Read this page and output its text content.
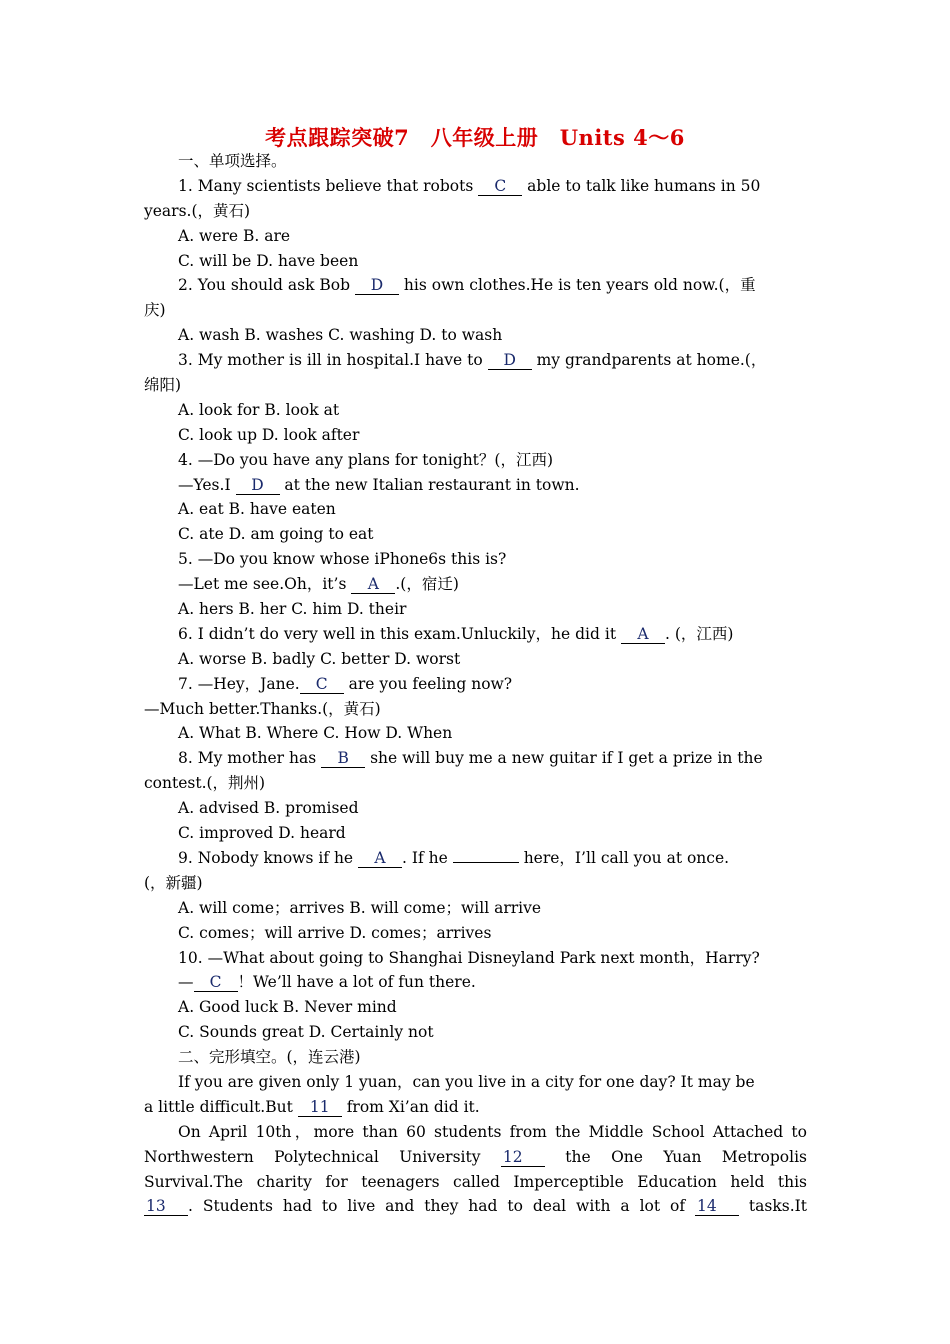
考点跟踪突破7　八年级上册　Units 4～6
一、单项选择。
1. Many scientists believe that robots C able to talk like humans in 50
years.(，黄石)
A. were B. are
C. will be D. have been
2. You should ask Bob D his own clothes.He is ten years old now.(，重
庆)
A. wash B. washes C. washing D. to wash
3. My mother is ill in hospital.I have to D my grandparents at home.(，
绵阳)
A. look for B. look at
C. look up D. look after
4. —Do you have any plans for tonight？(，江西)
—Yes.I D at the new Italian restaurant in town.
A. eat B. have eaten
C. ate D. am going to eat
5. —Do you know whose iPhone6s this is?
—Let me see.Oh，it’s A .(，宿迁)
A. hers B. her C. him D. their
6. I didn’t do very well in this exam.Unluckily，he did it A . (，江西)
A. worse B. badly C. better D. worst
7. —Hey，Jane. C are you feeling now?
—Much better.Thanks.(，黄石)
A. What B. Where C. How D. When
8. My mother has B she will buy me a new guitar if I get a prize in the
contest.(，荆州)
A. advised B. promised
C. improved D. heard
9. Nobody knows if he A . If he	here，I’ll call you at once.
(，新疆)
A. will come；arrives B. will come；will arrive
C. comes；will arrive D. comes；arrives
10. —What about going to Shanghai Disneyland Park next month，Harry?
— C ！We’ll have a lot of fun there.
A. Good luck B. Never mind
C. Sounds great D. Certainly not
二、完形填空。(，连云港)
If you are given only 1 yuan，can you live in a city for one day? It may be
a little difficult.But 11 from Xi’an did it.
On April 10th，more than 60 students from the Middle School Attached to
Northwestern Polytechnical University 12 the One Yuan Metropolis
Survival.The charity for teenagers called Imperceptible Education held this
13 . Students had to live and they had to deal with a lot of 14 tasks.It
